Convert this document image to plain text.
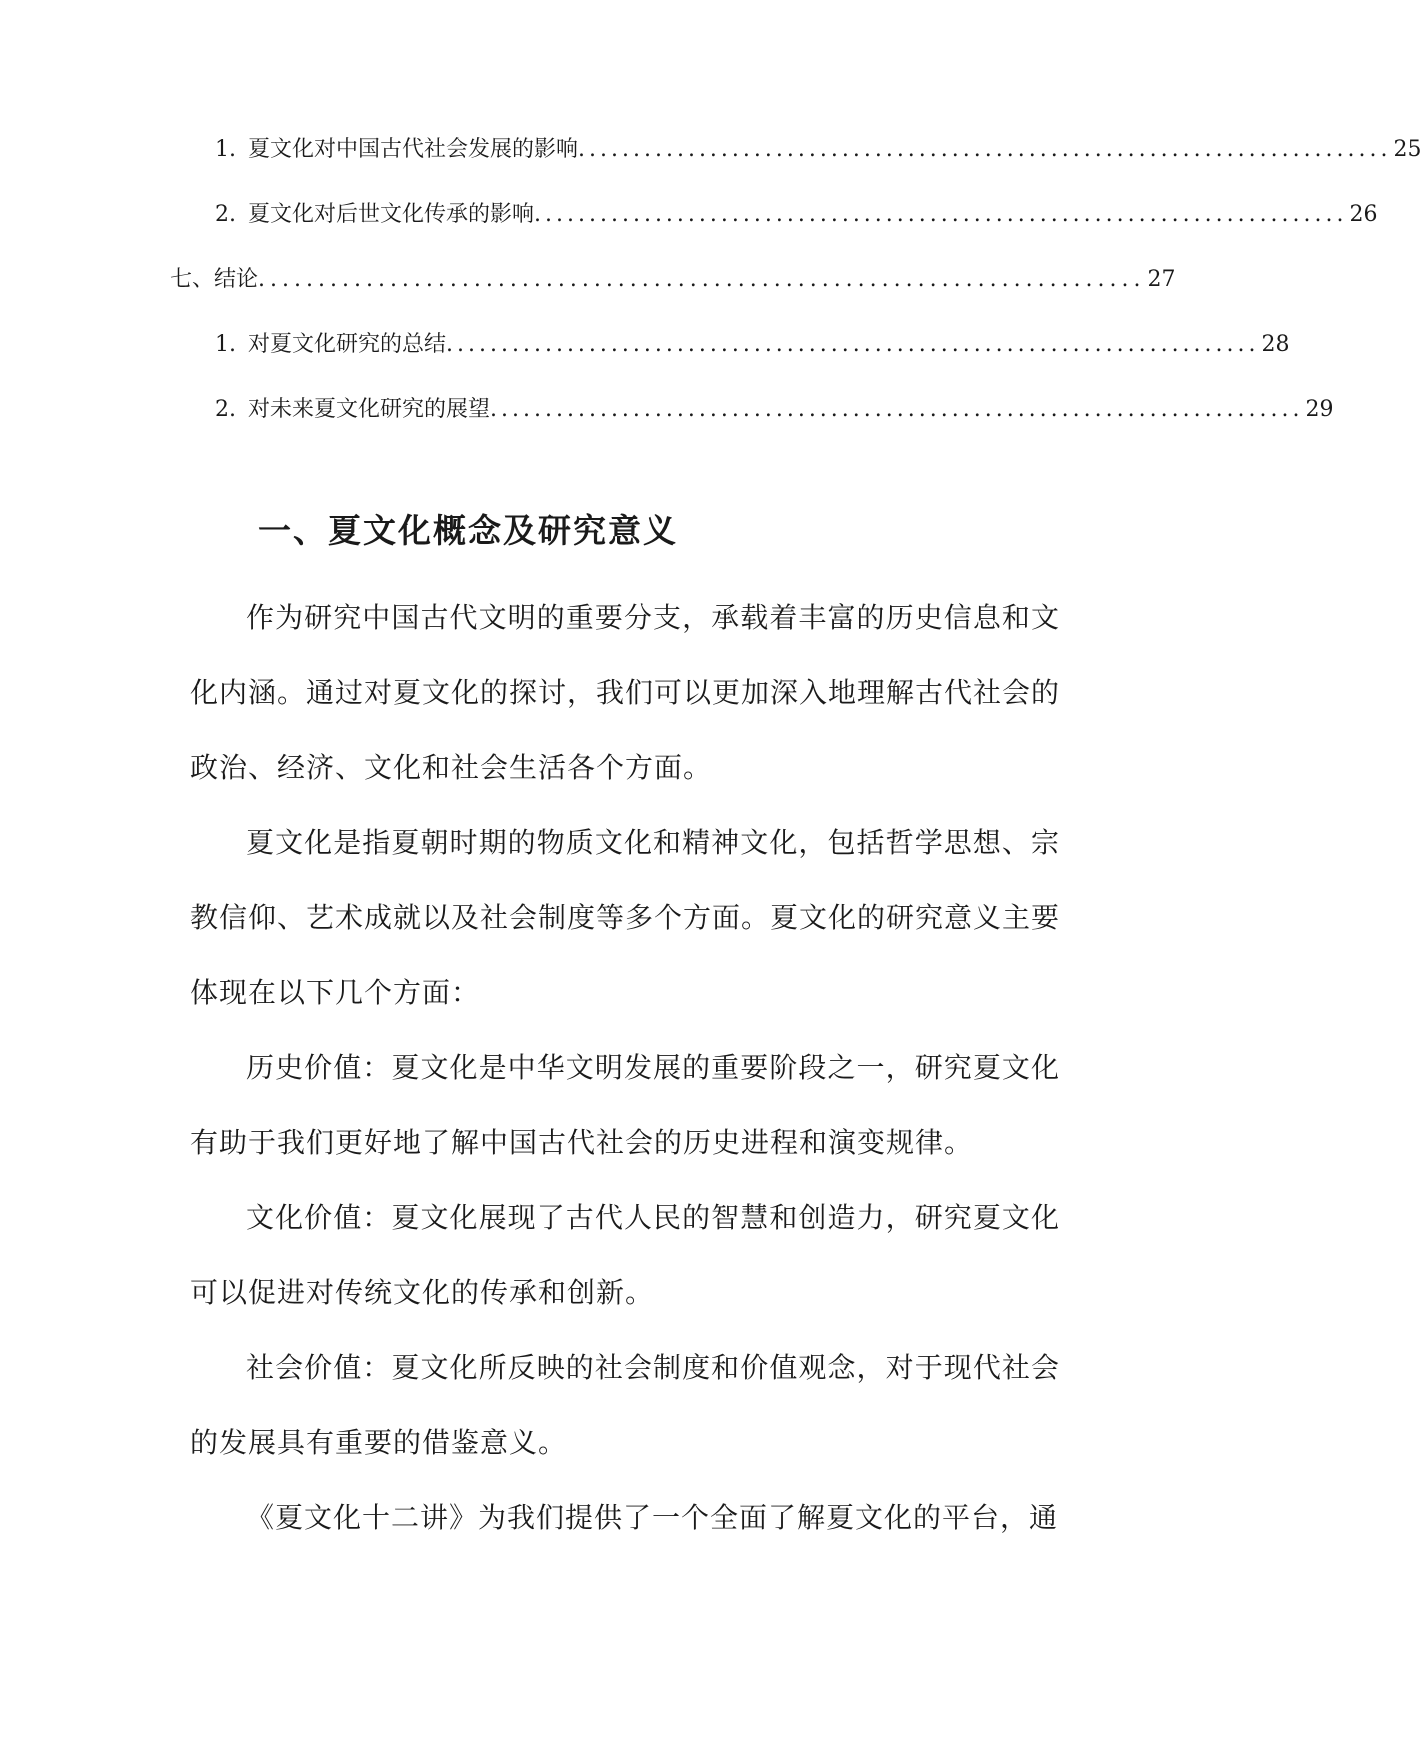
1. 夏文化对中国古代社会发展的影响 .......................................................................... 25
2. 夏文化对后世文化传承的影响 .......................................................................... 26
七、结论 .......................................................................... 27
1. 对夏文化研究的总结 .......................................................................... 28
2. 对未来夏文化研究的展望 .......................................................................... 29
一、夏文化概念及研究意义

作为研究中国古代文明的重要分支，承载着丰富的历史信息和文化内涵。通过对夏文化的探讨，我们可以更加深入地理解古代社会的政治、经济、文化和社会生活各个方面。

夏文化是指夏朝时期的物质文化和精神文化，包括哲学思想、宗教信仰、艺术成就以及社会制度等多个方面。夏文化的研究意义主要体现在以下几个方面：

历史价值：夏文化是中华文明发展的重要阶段之一，研究夏文化有助于我们更好地了解中国古代社会的历史进程和演变规律。

文化价值：夏文化展现了古代人民的智慧和创造力，研究夏文化可以促进对传统文化的传承和创新。

社会价值：夏文化所反映的社会制度和价值观念，对于现代社会的发展具有重要的借鉴意义。

《夏文化十二讲》为我们提供了一个全面了解夏文化的平台，通
